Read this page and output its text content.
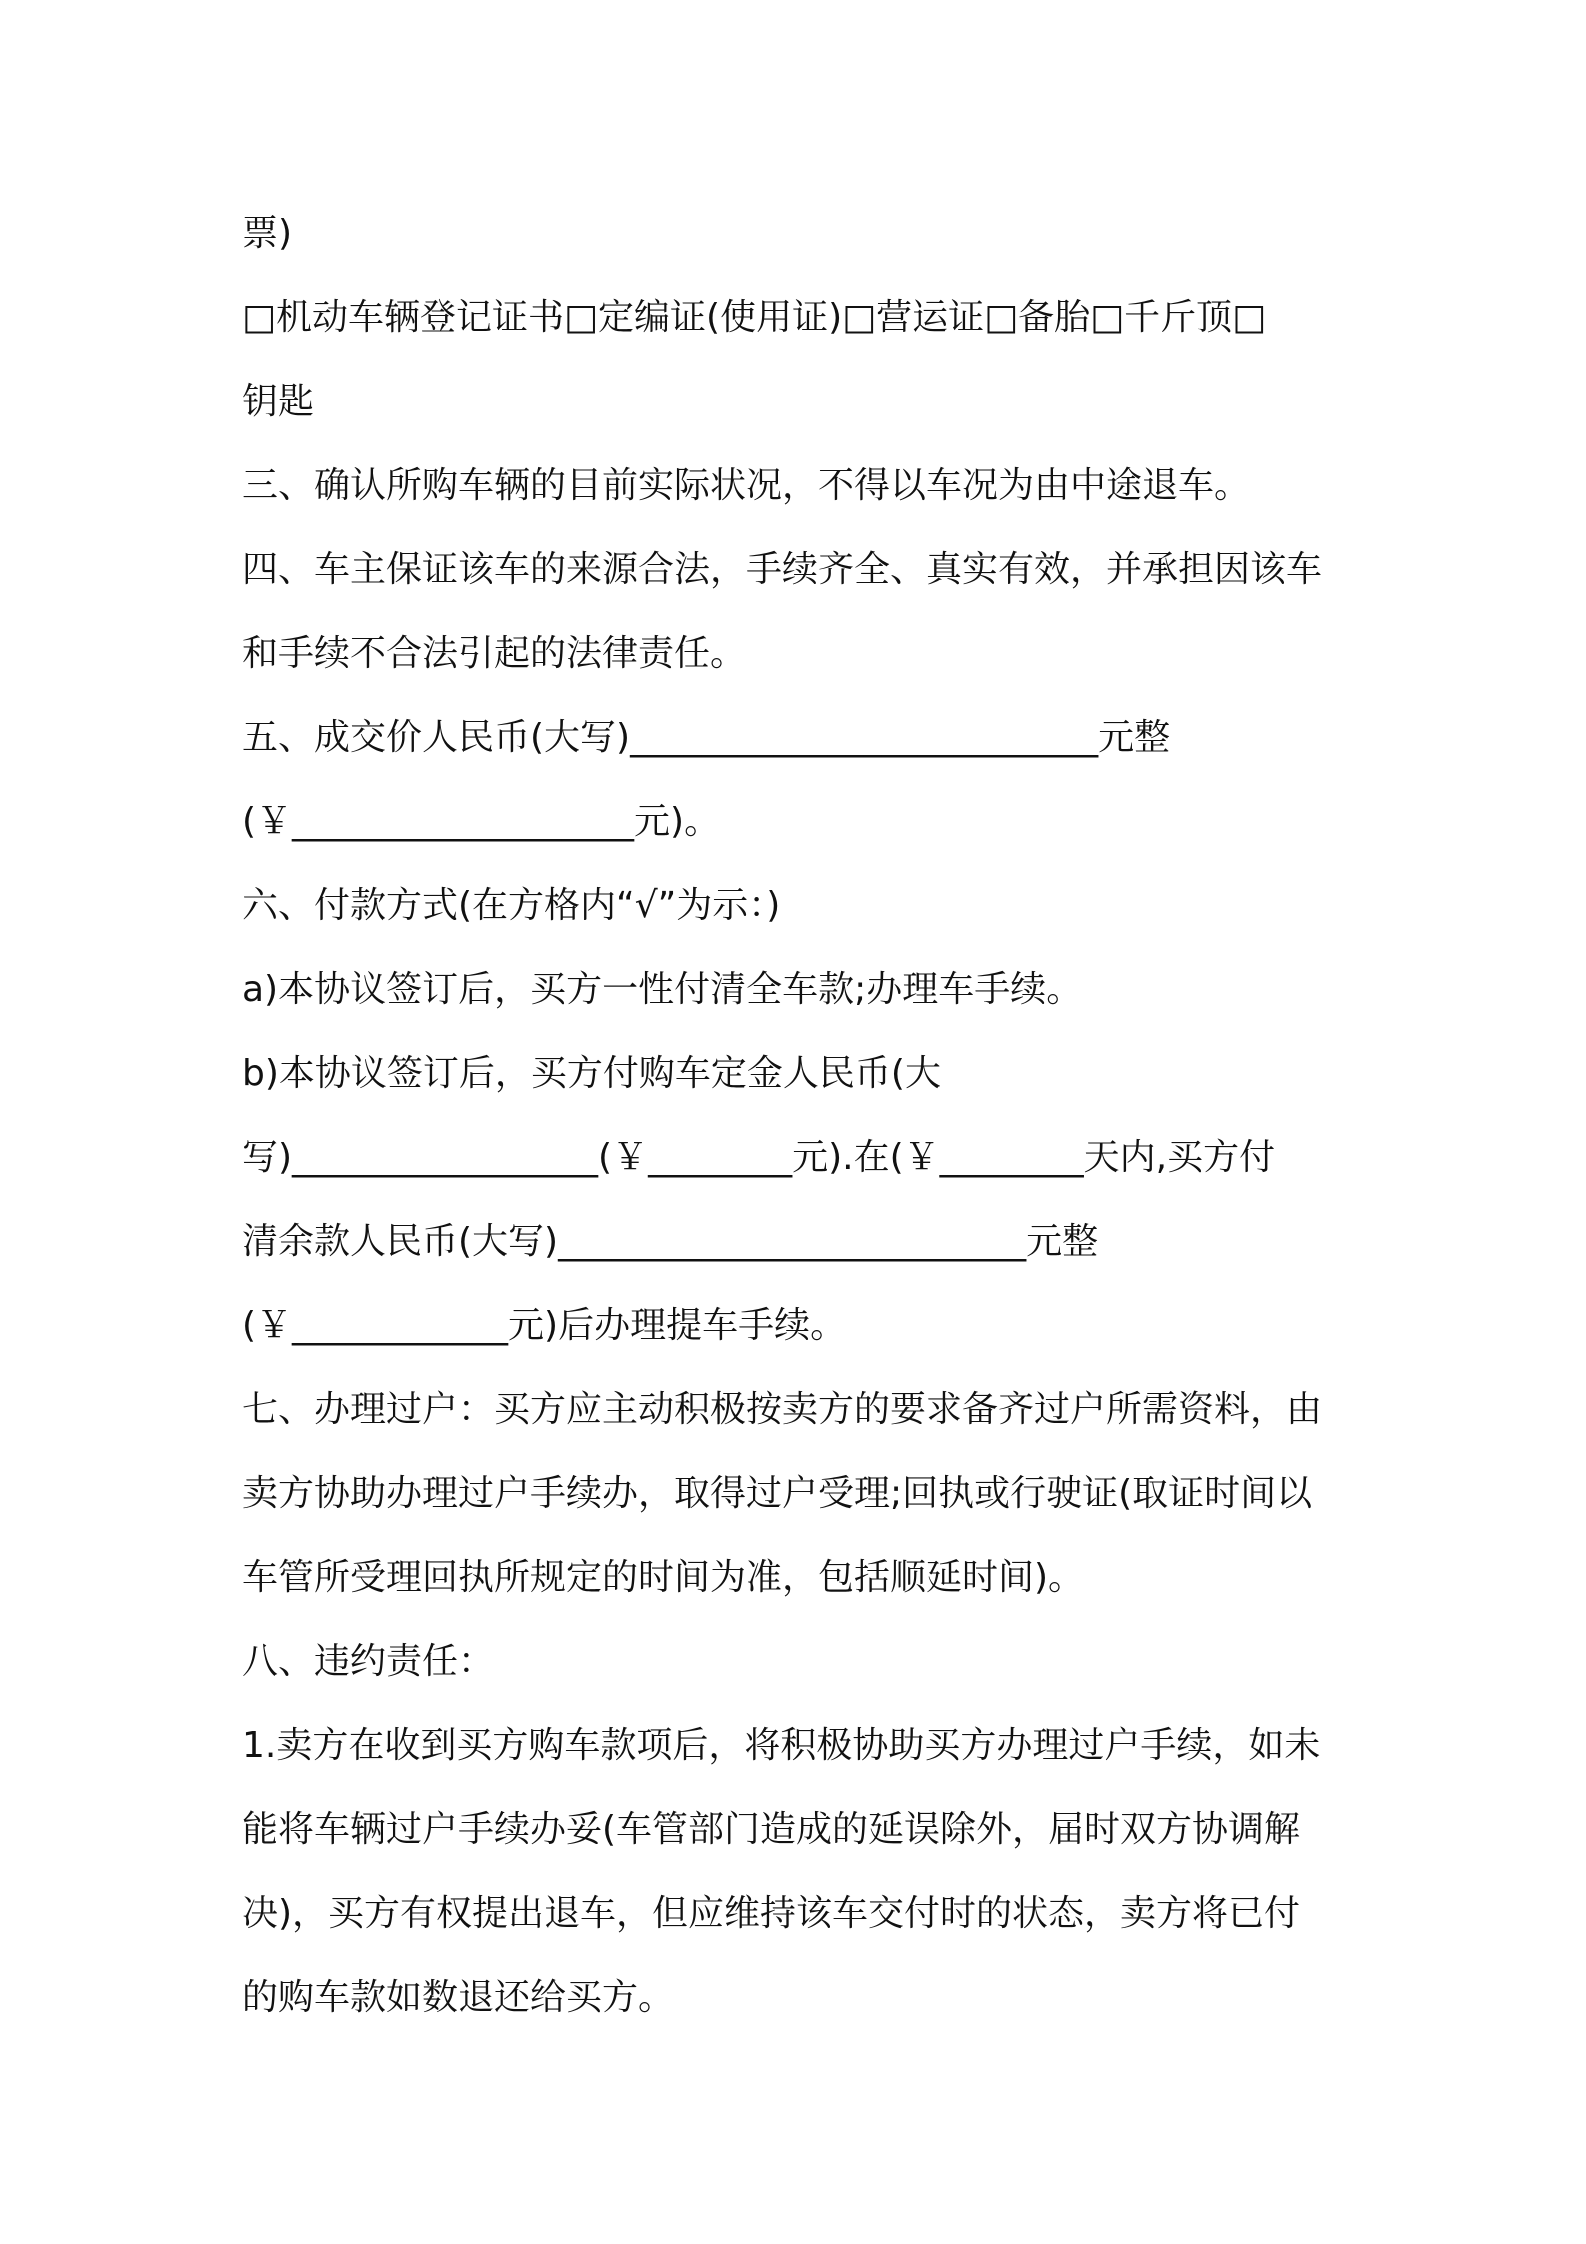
票)
□机动车辆登记证书□定编证(使用证)□营运证□备胎□千斤顶□
钥匙
三、确认所购车辆的目前实际状况，不得以车况为由中途退车。
四、车主保证该车的来源合法，手续齐全、真实有效，并承担因该车
和手续不合法引起的法律责任。
五、成交价人民币(大写)__________________________元整
(￥___________________元)。
六、付款方式(在方格内“√”为示：)
a)本协议签订后，买方一性付清全车款;办理车手续。
b)本协议签订后，买方付购车定金人民币(大
写)_________________(￥________元).在(￥________天内,买方付
清余款人民币(大写)__________________________元整
(￥____________元)后办理提车手续。
七、办理过户：买方应主动积极按卖方的要求备齐过户所需资料，由
卖方协助办理过户手续办，取得过户受理;回执或行驶证(取证时间以
车管所受理回执所规定的时间为准，包括顺延时间)。
八、违约责任：
1.卖方在收到买方购车款项后，将积极协助买方办理过户手续，如未
能将车辆过户手续办妥(车管部门造成的延误除外，届时双方协调解
决)，买方有权提出退车，但应维持该车交付时的状态，卖方将已付
的购车款如数退还给买方。
